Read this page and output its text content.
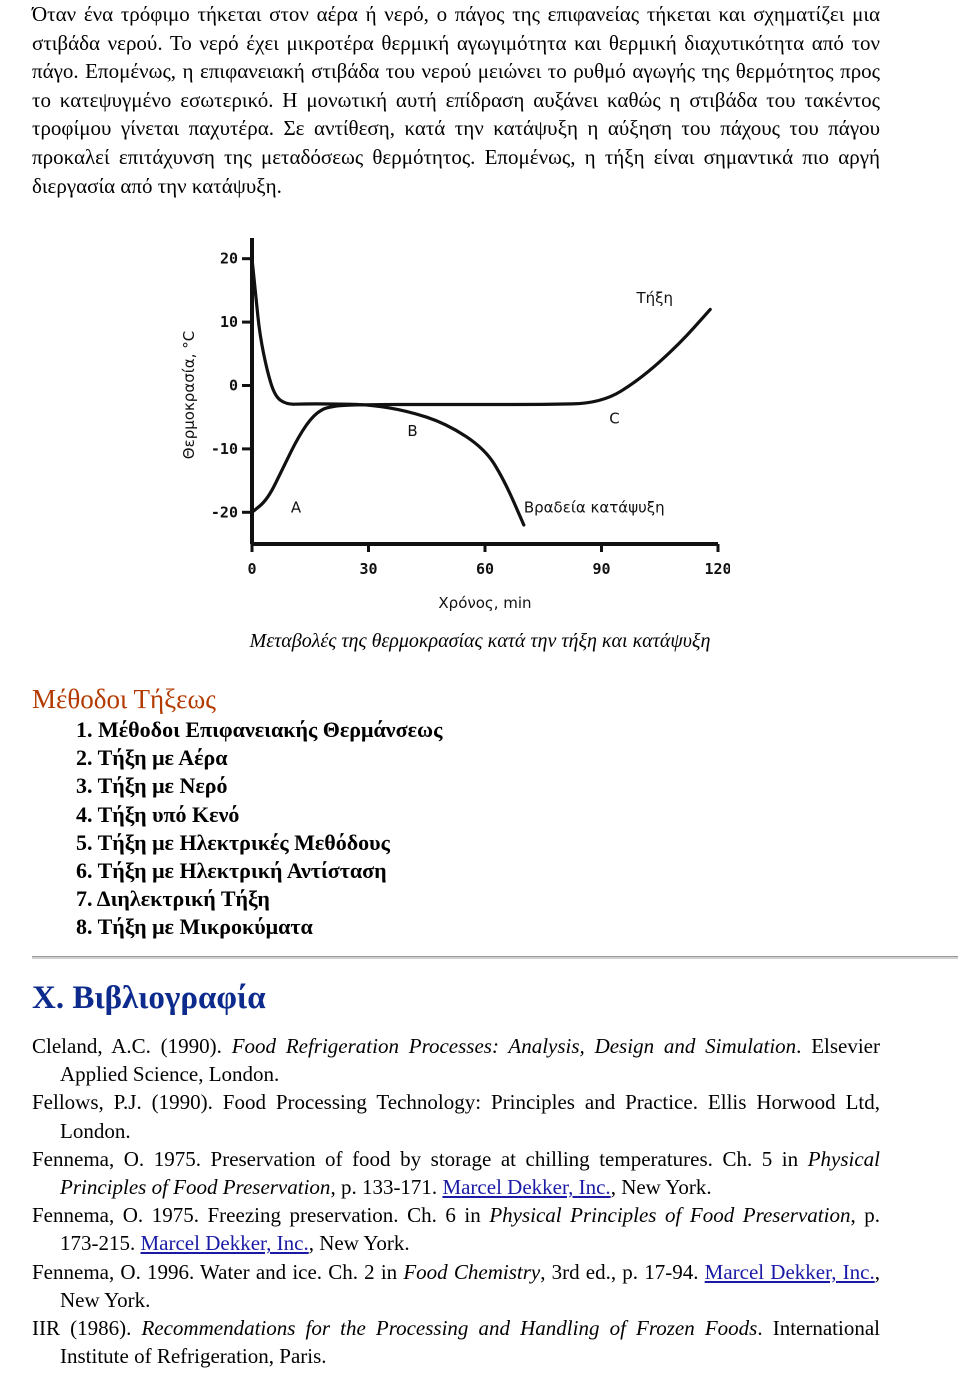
Όταν ένα τρόφιμο τήκεται στον αέρα ή νερό, ο πάγος της επιφανείας τήκεται και σχηματίζει μια στιβάδα νερού. Το νερό έχει μικροτέρα θερμική αγωγιμότητα και θερμική διαχυτικότητα από τον πάγο. Επομένως, η επιφανειακή στιβάδα του νερού μειώνει το ρυθμό αγωγής της θερμότητος προς το κατεψυγμένο εσωτερικό. Η μονωτική αυτή επίδραση αυξάνει καθώς η στιβάδα του τακέντος τροφίμου γίνεται παχυτέρα. Σε αντίθεση, κατά την κατάψυξη η αύξηση του πάχους του πάγου προκαλεί επιτάχυνση της μεταδόσεως θερμότητος. Επομένως, η τήξη είναι σημαντικά πιο αργή διεργασία από την κατάψυξη.

20
10
0
-10
-20
0	30	60	90	120
Χρόνος, min
Θερμοκρασία, °C
Τήξη
Βραδεία κατάψυξη
A
B
C
Μεταβολές της θερμοκρασίας κατά την τήξη και κατάψυξη
Μέθοδοι Τήξεως
1. Μέθοδοι Επιφανειακής Θερμάνσεως
2. Τήξη με Αέρα
3. Τήξη με Νερό
4. Τήξη υπό Κενό
5. Τήξη με Ηλεκτρικές Μεθόδους
6. Τήξη με Ηλεκτρική Αντίσταση
7. Διηλεκτρική Τήξη
8. Τήξη με Μικροκύματα
Χ. Βιβλιογραφία
Cleland, A.C. (1990). Food Refrigeration Processes: Analysis, Design and Simulation. Elsevier Applied Science, London.
Fellows, P.J. (1990). Food Processing Technology: Principles and Practice. Ellis Horwood Ltd, London.
Fennema, O. 1975. Preservation of food by storage at chilling temperatures. Ch. 5 in Physical Principles of Food Preservation, p. 133-171. Marcel Dekker, Inc., New York.
Fennema, O. 1975. Freezing preservation. Ch. 6 in Physical Principles of Food Preservation, p. 173-215. Marcel Dekker, Inc., New York.
Fennema, O. 1996. Water and ice. Ch. 2 in Food Chemistry, 3rd ed., p. 17-94. Marcel Dekker, Inc., New York.
IIR (1986). Recommendations for the Processing and Handling of Frozen Foods. International Institute of Refrigeration, Paris.
